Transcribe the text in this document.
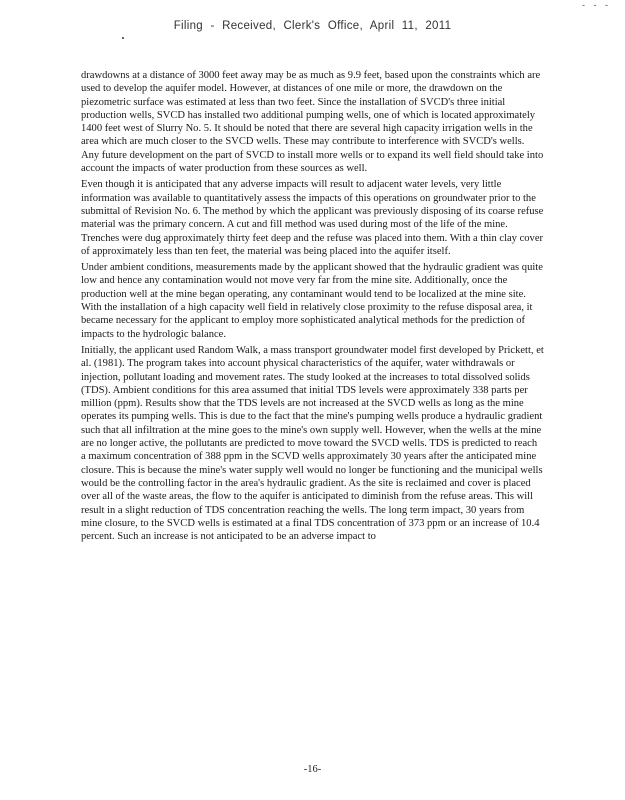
- - -
Filing - Received, Clerk's Office, April 11, 2011

drawdowns at a distance of 3000 feet away may be as much as 9.9 feet, based upon the constraints which are used to develop the aquifer model. However, at distances of one mile or more, the drawdown on the piezometric surface was estimated at less than two feet. Since the installation of SVCD's three initial production wells, SVCD has installed two additional pumping wells, one of which is located approximately 1400 feet west of Slurry No. 5. It should be noted that there are several high capacity irrigation wells in the area which are much closer to the SVCD wells. These may contribute to interference with SVCD's wells. Any future development on the part of SVCD to install more wells or to expand its well field should take into account the impacts of water production from these sources as well.

Even though it is anticipated that any adverse impacts will result to adjacent water levels, very little information was available to quantitatively assess the impacts of this operations on groundwater prior to the submittal of Revision No. 6. The method by which the applicant was previously disposing of its coarse refuse material was the primary concern. A cut and fill method was used during most of the life of the mine. Trenches were dug approximately thirty feet deep and the refuse was placed into them. With a thin clay cover of approximately less than ten feet, the material was being placed into the aquifer itself.

Under ambient conditions, measurements made by the applicant showed that the hydraulic gradient was quite low and hence any contamination would not move very far from the mine site. Additionally, once the production well at the mine began operating, any contaminant would tend to be localized at the mine site. With the installation of a high capacity well field in relatively close proximity to the refuse disposal area, it became necessary for the applicant to employ more sophisticated analytical methods for the prediction of impacts to the hydrologic balance.

Initially, the applicant used Random Walk, a mass transport groundwater model first developed by Prickett, et al. (1981). The program takes into account physical characteristics of the aquifer, water withdrawals or injection, pollutant loading and movement rates. The study looked at the increases to total dissolved solids (TDS). Ambient conditions for this area assumed that initial TDS levels were approximately 338 parts per million (ppm). Results show that the TDS levels are not increased at the SVCD wells as long as the mine operates its pumping wells. This is due to the fact that the mine's pumping wells produce a hydraulic gradient such that all infiltration at the mine goes to the mine's own supply well. However, when the wells at the mine are no longer active, the pollutants are predicted to move toward the SVCD wells. TDS is predicted to reach a maximum concentration of 388 ppm in the SCVD wells approximately 30 years after the anticipated mine closure. This is because the mine's water supply well would no longer be functioning and the municipal wells would be the controlling factor in the area's hydraulic gradient. As the site is reclaimed and cover is placed over all of the waste areas, the flow to the aquifer is anticipated to diminish from the refuse areas. This will result in a slight reduction of TDS concentration reaching the wells. The long term impact, 30 years from mine closure, to the SVCD wells is estimated at a final TDS concentration of 373 ppm or an increase of 10.4 percent. Such an increase is not anticipated to be an adverse impact to

-16-
